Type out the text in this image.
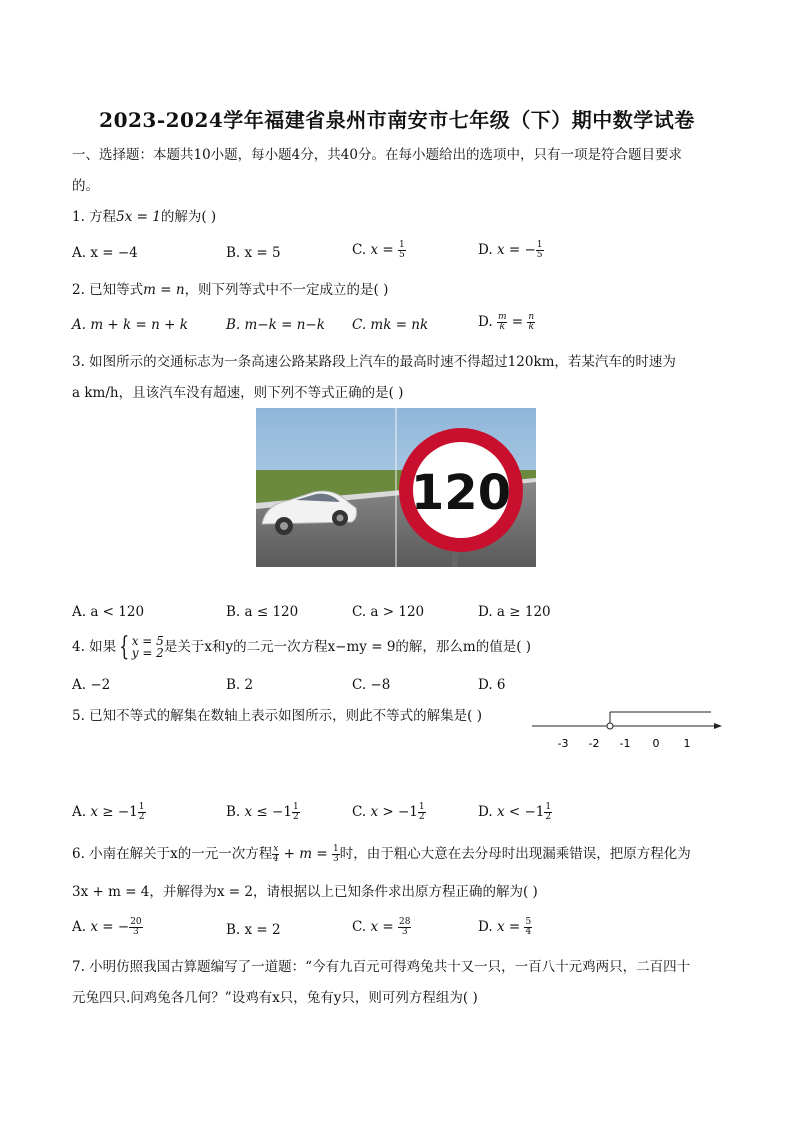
2023-2024学年福建省泉州市南安市七年级（下）期中数学试卷
一、选择题：本题共10小题，每小题4分，共40分。在每小题给出的选项中，只有一项是符合题目要求
的。
1. 方程5x = 1的解为( )
A. x = −4	B. x = 5	C. $x = \frac{1}{5}$	D. x = − $\frac{1}{5}$
2. 已知等式m = n，则下列等式中不一定成立的是( )
A. m + k = n + k	B. m−k = n−k C. mk = nk	D. $\frac{m}{k} = \frac{n}{k}$
3. 如图所示的交通标志为一条高速公路某路段上汽车的最高时速不得超过120km，若某汽车的时速为
a km/h，且该汽车没有超速，则下列不等式正确的是( )
120
A. a < 120	B. a ≤ 120	C. a > 120	D. a ≥ 120
4. 如果 { x = 5
y = 2 是关于x和y的二元一次方程x−my = 9的解，那么m的值是( )
A. −2	B. 2	C. −8	D. 6
5. 已知不等式的解集在数轴上表示如图所示，则此不等式的解集是( )
-3 -2 -1 0 1
A. $x \ge -1 \frac{1}{2}$	B. $x \le -1 \frac{1}{2}$	C. $x > -1 \frac{1}{2}$	D. $x < -1 \frac{1}{2}$
6. 小南在解关于x的一元一次方程 $\frac{x}{4} + m = \frac{1}{3}$ 时，由于粗心大意在去分母时出现漏乘错误，把原方程化为
3x + m = 4，并解得为x = 2，请根据以上已知条件求出原方程正确的解为( )
A. x = − $\frac{20}{3}$	B. x = 2	C. $x = \frac{28}{3}$	D. $x = \frac{5}{4}$
7. 小明仿照我国古算题编写了一道题：“今有九百元可得鸡兔共十又一只，一百八十元鸡两只，二百四十
元兔四只.问鸡兔各几何？”设鸡有x只，兔有y只，则可列方程组为( )
